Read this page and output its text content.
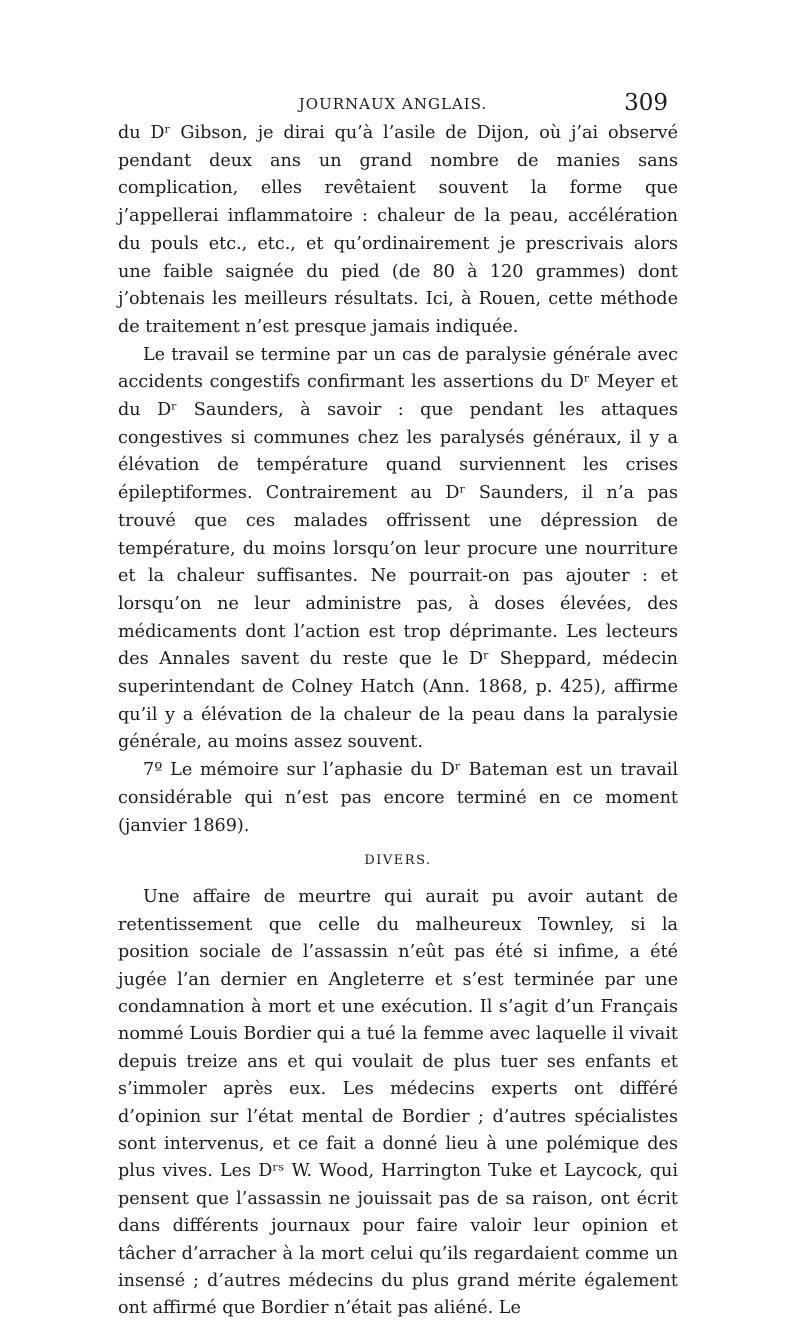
JOURNAUX ANGLAIS.	309

du Dʳ Gibson, je dirai qu’à l’asile de Dijon, où j’ai observé pendant deux ans un grand nombre de manies sans complication, elles revêtaient souvent la forme que j’appellerai inflammatoire : chaleur de la peau, accélération du pouls etc., etc., et qu’ordinairement je prescrivais alors une faible saignée du pied (de 80 à 120 grammes) dont j’obtenais les meilleurs résultats. Ici, à Rouen, cette méthode de traitement n’est presque jamais indiquée.

Le travail se termine par un cas de paralysie générale avec accidents congestifs confirmant les assertions du Dʳ Meyer et du Dʳ Saunders, à savoir : que pendant les attaques congestives si communes chez les paralysés généraux, il y a élévation de température quand surviennent les crises épileptiformes. Contrairement au Dʳ Saunders, il n’a pas trouvé que ces malades offrissent une dépression de température, du moins lorsqu’on leur procure une nourriture et la chaleur suffisantes. Ne pourrait-on pas ajouter : et lorsqu’on ne leur administre pas, à doses élevées, des médicaments dont l’action est trop déprimante. Les lecteurs des Annales savent du reste que le Dʳ Sheppard, médecin superintendant de Colney Hatch (Ann. 1868, p. 425), affirme qu’il y a élévation de la chaleur de la peau dans la paralysie générale, au moins assez souvent.

7º Le mémoire sur l’aphasie du Dʳ Bateman est un travail considérable qui n’est pas encore terminé en ce moment (janvier 1869).

DIVERS.

Une affaire de meurtre qui aurait pu avoir autant de retentissement que celle du malheureux Townley, si la position sociale de l’assassin n’eût pas été si infime, a été jugée l’an dernier en Angleterre et s’est terminée par une condamnation à mort et une exécution. Il s’agit d’un Français nommé Louis Bordier qui a tué la femme avec laquelle il vivait depuis treize ans et qui voulait de plus tuer ses enfants et s’immoler après eux. Les médecins experts ont différé d’opinion sur l’état mental de Bordier ; d’autres spécialistes sont intervenus, et ce fait a donné lieu à une polémique des plus vives. Les Dʳˢ W. Wood, Harrington Tuke et Laycock, qui pensent que l’assassin ne jouissait pas de sa raison, ont écrit dans différents journaux pour faire valoir leur opinion et tâcher d’arracher à la mort celui qu’ils regardaient comme un insensé ; d’autres médecins du plus grand mérite également ont affirmé que Bordier n’était pas aliéné. Le
